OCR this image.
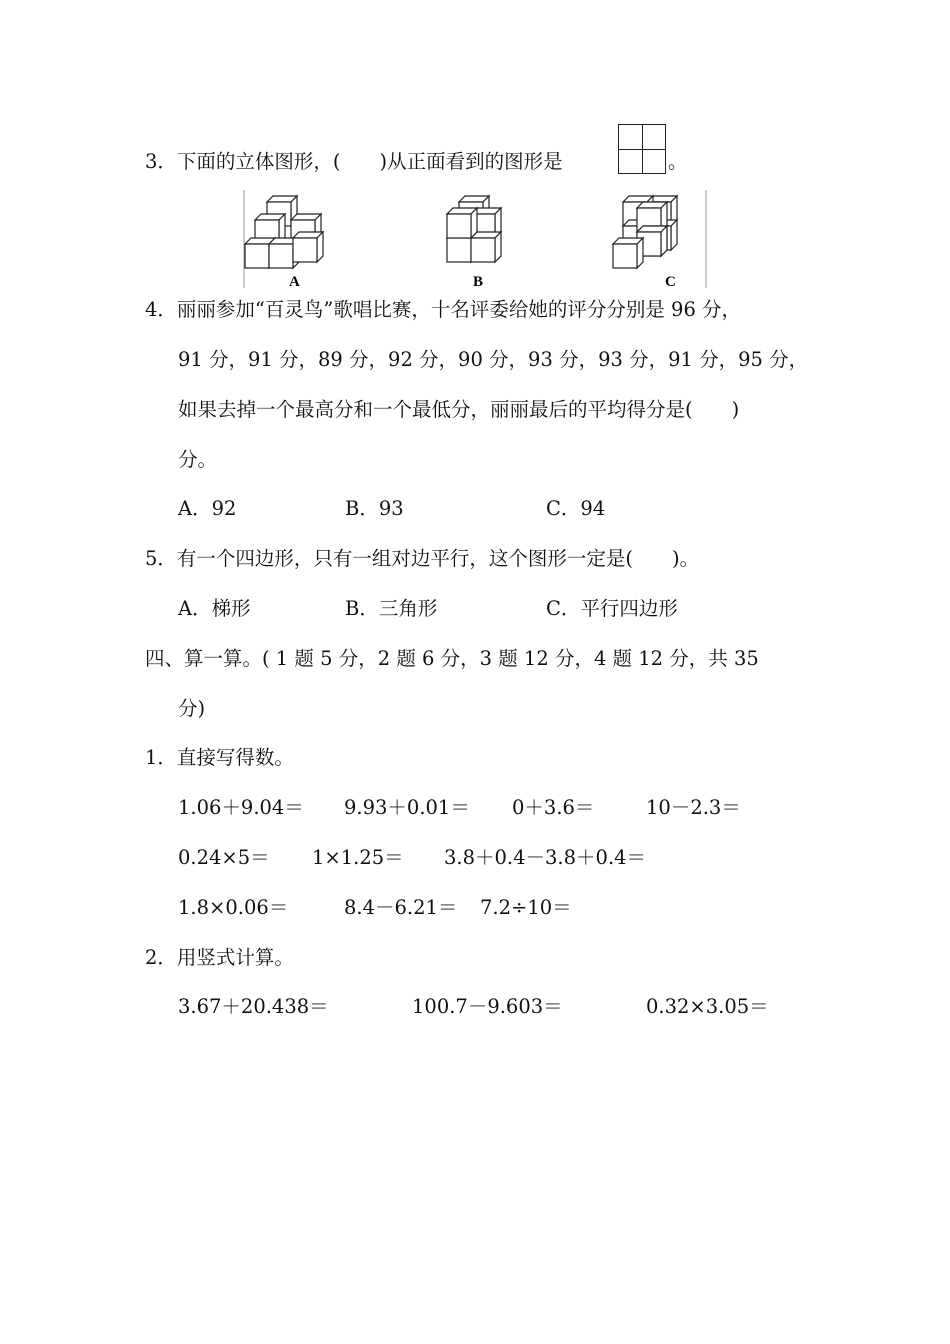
3．下面的立体图形，(　　)从正面看到的图形是	。
A	B	C
4．丽丽参加“百灵鸟”歌唱比赛，十名评委给她的评分分别是 96 分，
91 分，91 分，89 分，92 分，90 分，93 分，93 分，91 分，95 分，
如果去掉一个最高分和一个最低分，丽丽最后的平均得分是(　　)
分。
A．92	B．93	C．94
5．有一个四边形，只有一组对边平行，这个图形一定是(　　)。
A．梯形	B．三角形	C．平行四边形
四、算一算。( 1 题 5 分，2 题 6 分，3 题 12 分，4 题 12 分，共 35
分)
1．直接写得数。
1.06＋9.04＝ 9.93＋0.01＝ 0＋3.6＝	10－2.3＝
0.24×5＝ 1×1.25＝ 3.8＋0.4－3.8＋0.4＝
1.8×0.06＝	8.4－6.21＝ 7.2÷10＝
2．用竖式计算。
3.67＋20.438＝	100.7－9.603＝	0.32×3.05＝
